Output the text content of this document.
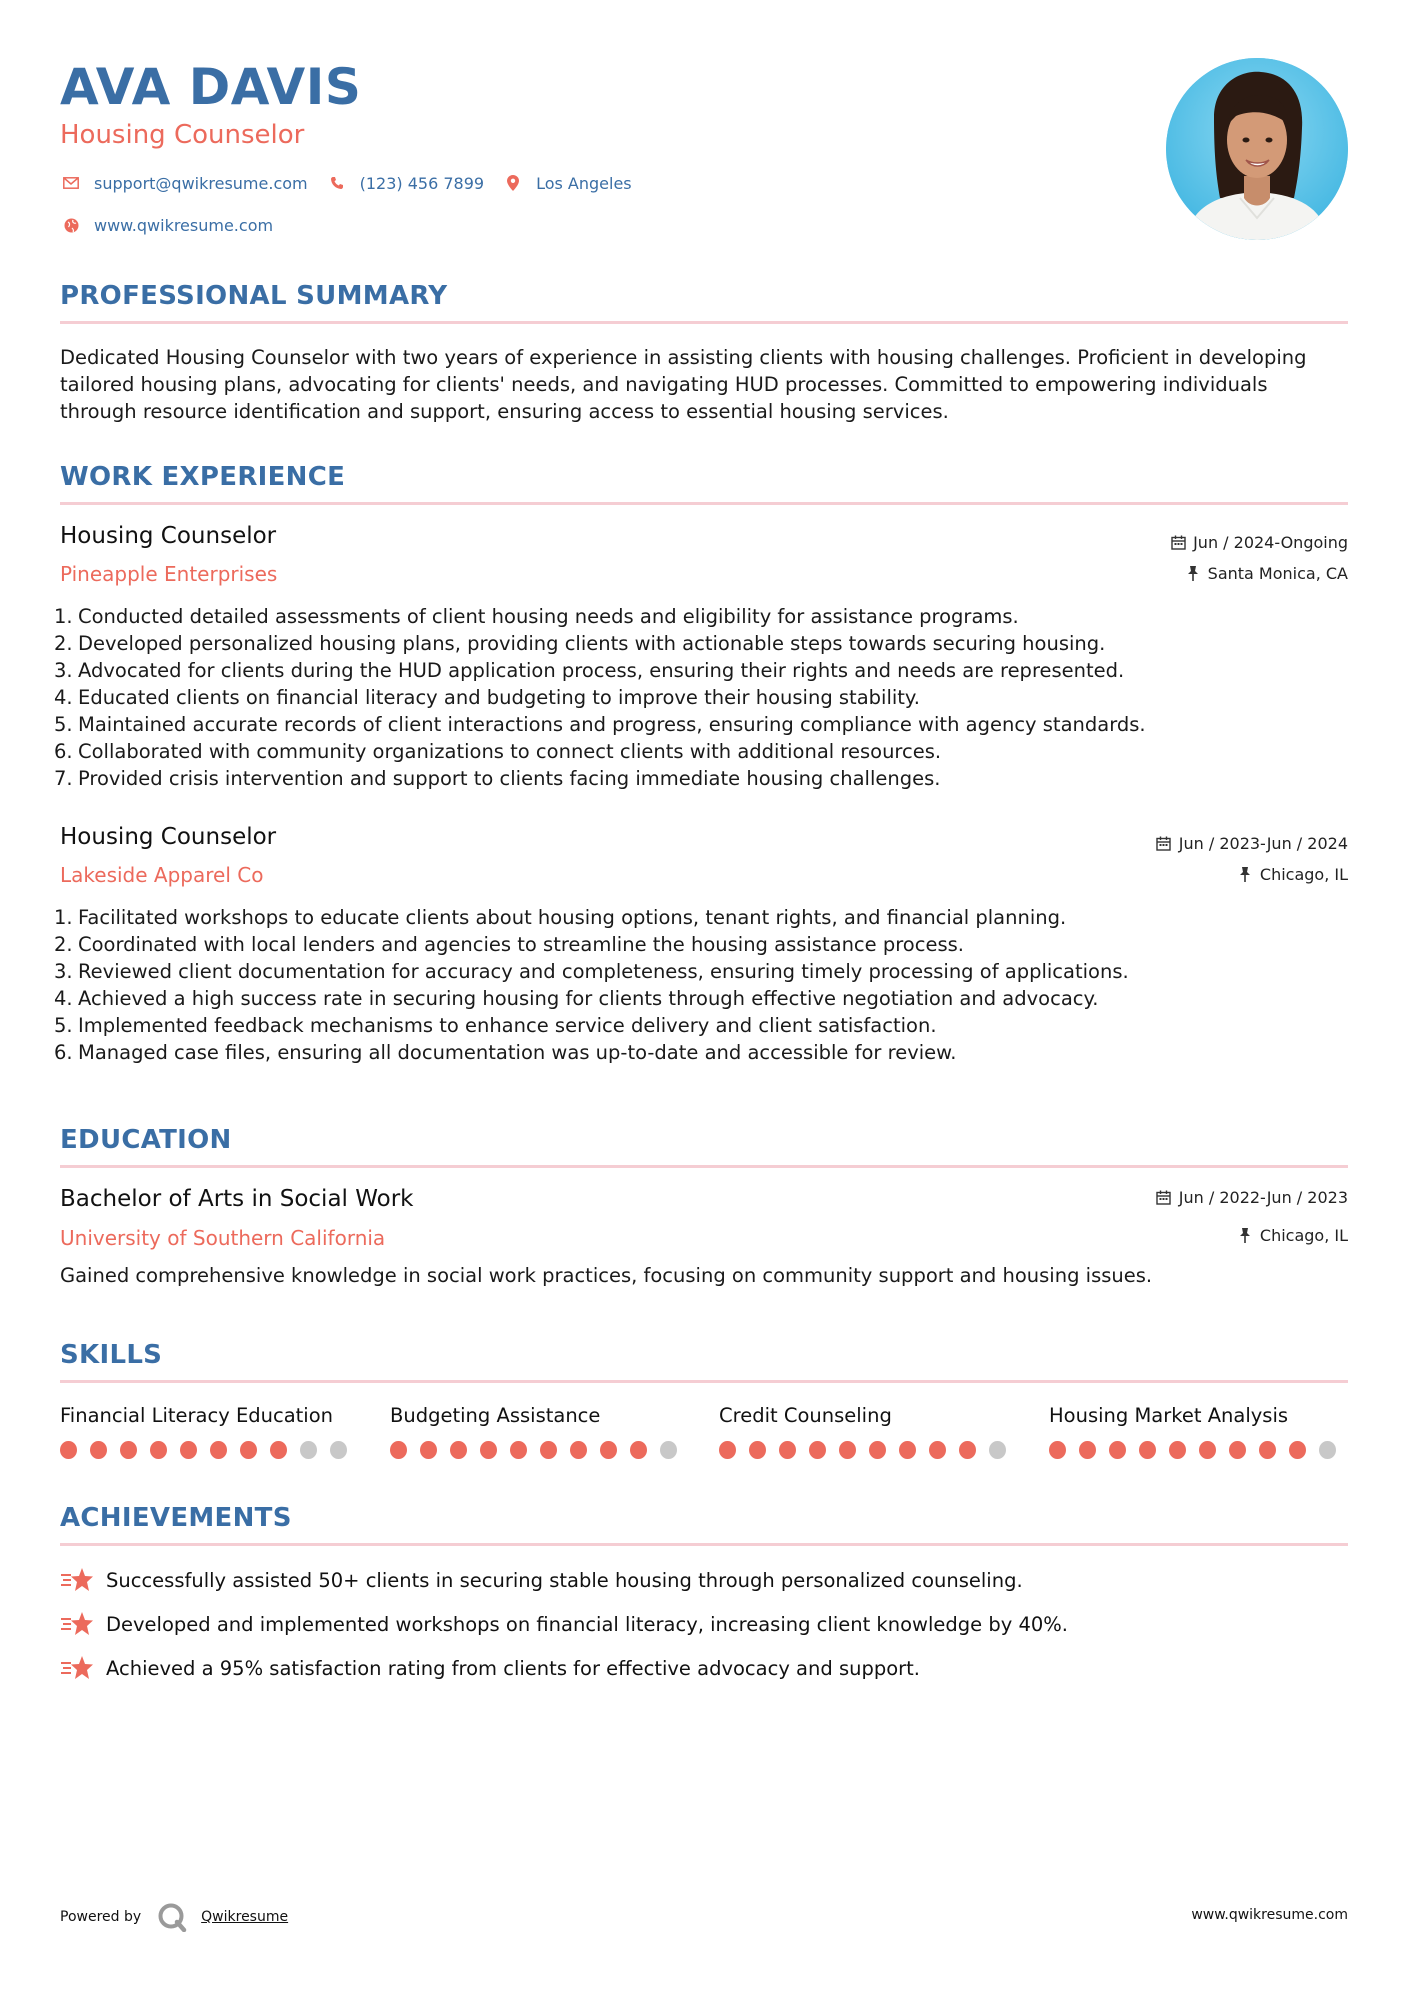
AVA DAVIS
Housing Counselor
support@qwikresume.com	(123) 456 7899	Los Angeles
www.qwikresume.com
PROFESSIONAL SUMMARY
Dedicated Housing Counselor with two years of experience in assisting clients with housing challenges. Proficient in developing tailored housing plans, advocating for clients' needs, and navigating HUD processes. Committed to empowering individuals through resource identification and support, ensuring access to essential housing services.
WORK EXPERIENCE
Housing Counselor
Pineapple Enterprises
Jun / 2024-Ongoing
Santa Monica, CA
1. Conducted detailed assessments of client housing needs and eligibility for assistance programs.
2. Developed personalized housing plans, providing clients with actionable steps towards securing housing.
3. Advocated for clients during the HUD application process, ensuring their rights and needs are represented.
4. Educated clients on financial literacy and budgeting to improve their housing stability.
5. Maintained accurate records of client interactions and progress, ensuring compliance with agency standards.
6. Collaborated with community organizations to connect clients with additional resources.
7. Provided crisis intervention and support to clients facing immediate housing challenges.
Housing Counselor
Lakeside Apparel Co
Jun / 2023-Jun / 2024
Chicago, IL
1. Facilitated workshops to educate clients about housing options, tenant rights, and financial planning.
2. Coordinated with local lenders and agencies to streamline the housing assistance process.
3. Reviewed client documentation for accuracy and completeness, ensuring timely processing of applications.
4. Achieved a high success rate in securing housing for clients through effective negotiation and advocacy.
5. Implemented feedback mechanisms to enhance service delivery and client satisfaction.
6. Managed case files, ensuring all documentation was up-to-date and accessible for review.
EDUCATION
Bachelor of Arts in Social Work
University of Southern California
Jun / 2022-Jun / 2023
Chicago, IL
Gained comprehensive knowledge in social work practices, focusing on community support and housing issues.
SKILLS
Financial Literacy Education	Budgeting Assistance	Credit Counseling	Housing Market Analysis
ACHIEVEMENTS
Successfully assisted 50+ clients in securing stable housing through personalized counseling.
Developed and implemented workshops on financial literacy, increasing client knowledge by 40%.
Achieved a 95% satisfaction rating from clients for effective advocacy and support.
Powered by	Qwikresume	www.qwikresume.com
